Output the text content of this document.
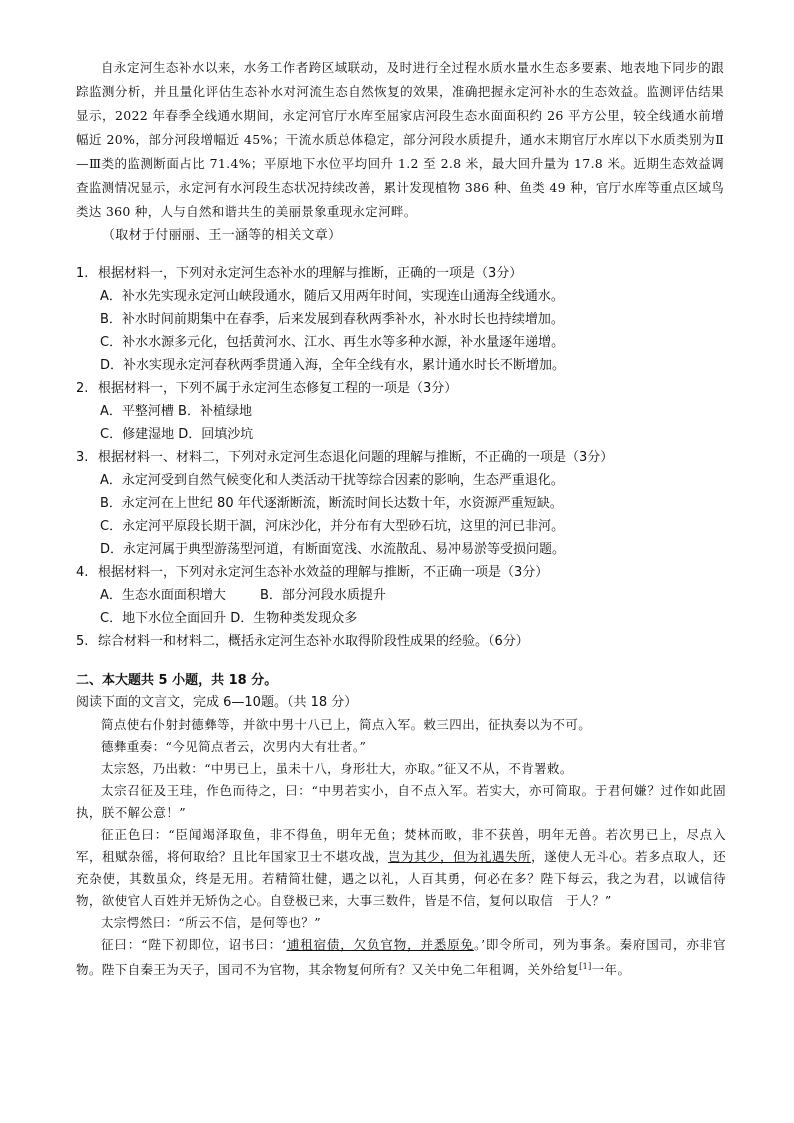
自永定河生态补水以来，水务工作者跨区域联动，及时进行全过程水质水量水生态多要素、地表地下同步的跟踪监测分析，并且量化评估生态补水对河流生态自然恢复的效果，准确把握永定河补水的生态效益。监测评估结果显示，2022 年春季全线通水期间，永定河官厅水库至屈家店河段生态水面面积约 26 平方公里，较全线通水前增幅近 20%，部分河段增幅近 45%；干流水质总体稳定，部分河段水质提升，通水末期官厅水库以下水质类别为Ⅱ—Ⅲ类的监测断面占比 71.4%；平原地下水位平均回升 1.2 至 2.8 米，最大回升量为 17.8 米。近期生态效益调查监测情况显示，永定河有水河段生态状况持续改善，累计发现植物 386 种、鱼类 49 种，官厅水库等重点区域鸟类达 360 种，人与自然和谐共生的美丽景象重现永定河畔。

（取材于付丽丽、王一涵等的相关文章）

1. 根据材料一，下列对永定河生态补水的理解与推断，正确的一项是（3分）

A．补水先实现永定河山峡段通水，随后又用两年时间，实现连山通海全线通水。

B．补水时间前期集中在春季，后来发展到春秋两季补水，补水时长也持续增加。

C．补水水源多元化，包括黄河水、江水、再生水等多种水源，补水量逐年递增。

D．补水实现永定河春秋两季贯通入海，全年全线有水，累计通水时长不断增加。

2. 根据材料一，下列不属于永定河生态修复工程的一项是（3分）

A．平整河槽 B．补植绿地

C．修建湿地 D．回填沙坑

3. 根据材料一、材料二，下列对永定河生态退化问题的理解与推断，不正确的一项是（3分）

A．永定河受到自然气候变化和人类活动干扰等综合因素的影响，生态严重退化。

B．永定河在上世纪 80 年代逐渐断流，断流时间长达数十年，水资源严重短缺。

C．永定河平原段长期干涸，河床沙化，并分布有大型砂石坑，这里的河已非河。

D．永定河属于典型游荡型河道，有断面宽浅、水流散乱、易冲易淤等受损问题。

4. 根据材料一，下列对永定河生态补水效益的理解与推断，不正确一项是（3分）

A．生态水面面积增大	B．部分河段水质提升

C．地下水位全面回升 D．生物种类发现众多

5. 综合材料一和材料二，概括永定河生态补水取得阶段性成果的经验。（6分）

二、本大题共 5 小题，共 18 分。

阅读下面的文言文，完成 6—10题。（共 18 分）

简点使右仆射封德彝等，并欲中男十八已上，简点入军。敕三四出，征执奏以为不可。

德彝重奏：“今见简点者云，次男内大有壮者。”

太宗怒，乃出敕：“中男已上，虽未十八，身形壮大，亦取。”征又不从，不肯署敕。

太宗召征及王珪，作色而待之，曰：“中男若实小，自不点入军。若实大，亦可简取。于君何嫌？过作如此固执，朕不解公意！”

征正色曰：“臣闻竭泽取鱼，非不得鱼，明年无鱼；焚林而畋，非不获兽，明年无兽。若次男已上，尽点入军，租赋杂徭，将何取给？且比年国家卫士不堪攻战，岂为其少，但为礼遇失所，遂使人无斗心。若多点取人，还充杂使，其数虽众，终是无用。若精简壮健，遇之以礼，人百其勇，何必在多？陛下每云，我之为君，以诚信待物，欲使官人百姓并无矫伪之心。自登极已来，大事三数件，皆是不信，复何以取信　于人？”

太宗愕然曰：“所云不信，是何等也？”

征曰：“陛下初即位，诏书曰：‘逋租宿债，欠负官物，并悉原免。’即令所司，列为事条。秦府国司，亦非官物。陛下自秦王为天子，国司不为官物，其余物复何所有？又关中免二年租调，关外给复[1]一年。
